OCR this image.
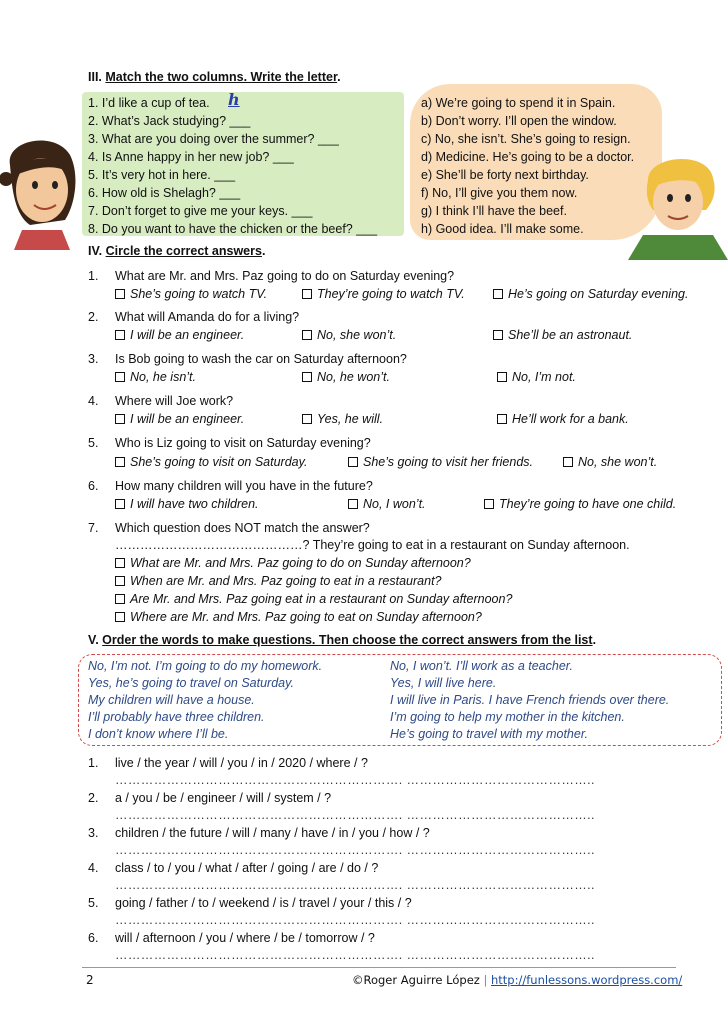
III. Match the two columns. Write the letter.
1. I’d like a cup of tea. h
2. What’s Jack studying? ___
3. What are you doing over the summer? ___
4. Is Anne happy in her new job? ___
5. It’s very hot in here. ___
6. How old is Shelagh? ___
7. Don’t forget to give me your keys. ___
8. Do you want to have the chicken or the beef? ___
a) We’re going to spend it in Spain.
b) Don’t worry. I’ll open the window.
c) No, she isn’t. She’s going to resign.
d) Medicine. He’s going to be a doctor.
e) She’ll be forty next birthday.
f) No, I’ll give you them now.
g) I think I’ll have the beef.
h) Good idea. I’ll make some.
IV. Circle the correct answers.
1. What are Mr. and Mrs. Paz going to do on Saturday evening?
She’s going to watch TV.	They’re going to watch TV.	He’s going on Saturday evening.
2. What will Amanda do for a living?
I will be an engineer.	No, she won’t.	She’ll be an astronaut.
3. Is Bob going to wash the car on Saturday afternoon?
No, he isn’t.	No, he won’t.	No, I’m not.
4. Where will Joe work?
I will be an engineer.	Yes, he will.	He’ll work for a bank.
5. Who is Liz going to visit on Saturday evening?
She’s going to visit on Saturday.	She’s going to visit her friends.	No, she won’t.
6. How many children will you have in the future?
I will have two children.	No, I won’t.	They’re going to have one child.
7. Which question does NOT match the answer?
………………………………………? They’re going to eat in a restaurant on Sunday afternoon.
What are Mr. and Mrs. Paz going to do on Sunday afternoon?
When are Mr. and Mrs. Paz going to eat in a restaurant?
Are Mr. and Mrs. Paz going eat in a restaurant on Sunday afternoon?
Where are Mr. and Mrs. Paz going to eat on Sunday afternoon?
V. Order the words to make questions. Then choose the correct answers from the list.
No, I’m not. I’m going to do my homework.
Yes, he’s going to travel on Saturday.
My children will have a house.
I’ll probably have three children.
I don’t know where I’ll be.
No, I won’t. I’ll work as a teacher.
Yes, I will live here.
I will live in Paris. I have French friends over there.
I’m going to help my mother in the kitchen.
He’s going to travel with my mother.
1. live / the year / will / you / in / 2020 / where / ?
…………………………………………………………. ……………………………………..
2. a / you / be / engineer / will / system / ?
…………………………………………………………. ……………………………………..
3. children / the future / will / many / have / in / you / how / ?
…………………………………………………………. ……………………………………..
4. class / to / you / what / after / going / are / do / ?
…………………………………………………………. ……………………………………..
5. going / father / to / weekend / is / travel / your / this / ?
…………………………………………………………. ……………………………………..
6. will / afternoon / you / where / be / tomorrow / ?
…………………………………………………………. ……………………………………..
2	©Roger Aguirre López | http://funlessons.wordpress.com/
